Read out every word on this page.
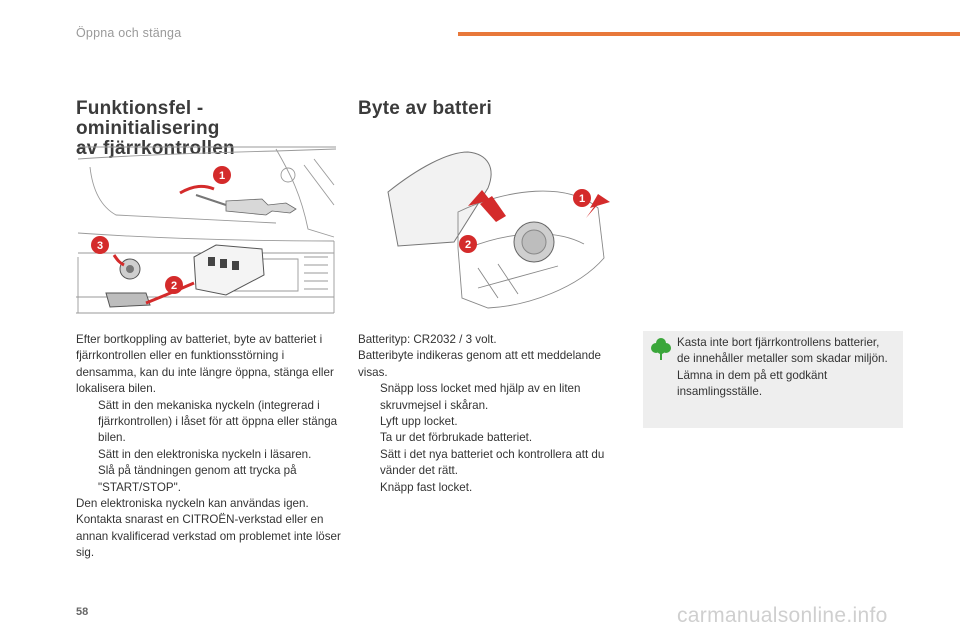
Öppna och stänga
Funktionsfel - ominitialisering
av fjärrkontrollen
Byte av batteri
1
2
3
1
2
Efter bortkoppling av batteriet, byte av batteriet i fjärrkontrollen eller en funktionsstörning i densamma, kan du inte längre öppna, stänga eller lokalisera bilen.
Sätt in den mekaniska nyckeln (integrerad i fjärrkontrollen) i låset för att öppna eller stänga bilen.
Sätt in den elektroniska nyckeln i läsaren.
Slå på tändningen genom att trycka på "START/STOP".
Den elektroniska nyckeln kan användas igen. Kontakta snarast en CITROËN-verkstad eller en annan kvalificerad verkstad om problemet inte löser sig.
Batterityp: CR2032 / 3 volt.
Batteribyte indikeras genom att ett meddelande visas.
Snäpp loss locket med hjälp av en liten skruvmejsel i skåran.
Lyft upp locket.
Ta ur det förbrukade batteriet.
Sätt i det nya batteriet och kontrollera att du vänder det rätt.
Knäpp fast locket.
Kasta inte bort fjärrkontrollens batterier, de innehåller metaller som skadar miljön.
Lämna in dem på ett godkänt insamlingsställe.
58	carmanualsonline.info
